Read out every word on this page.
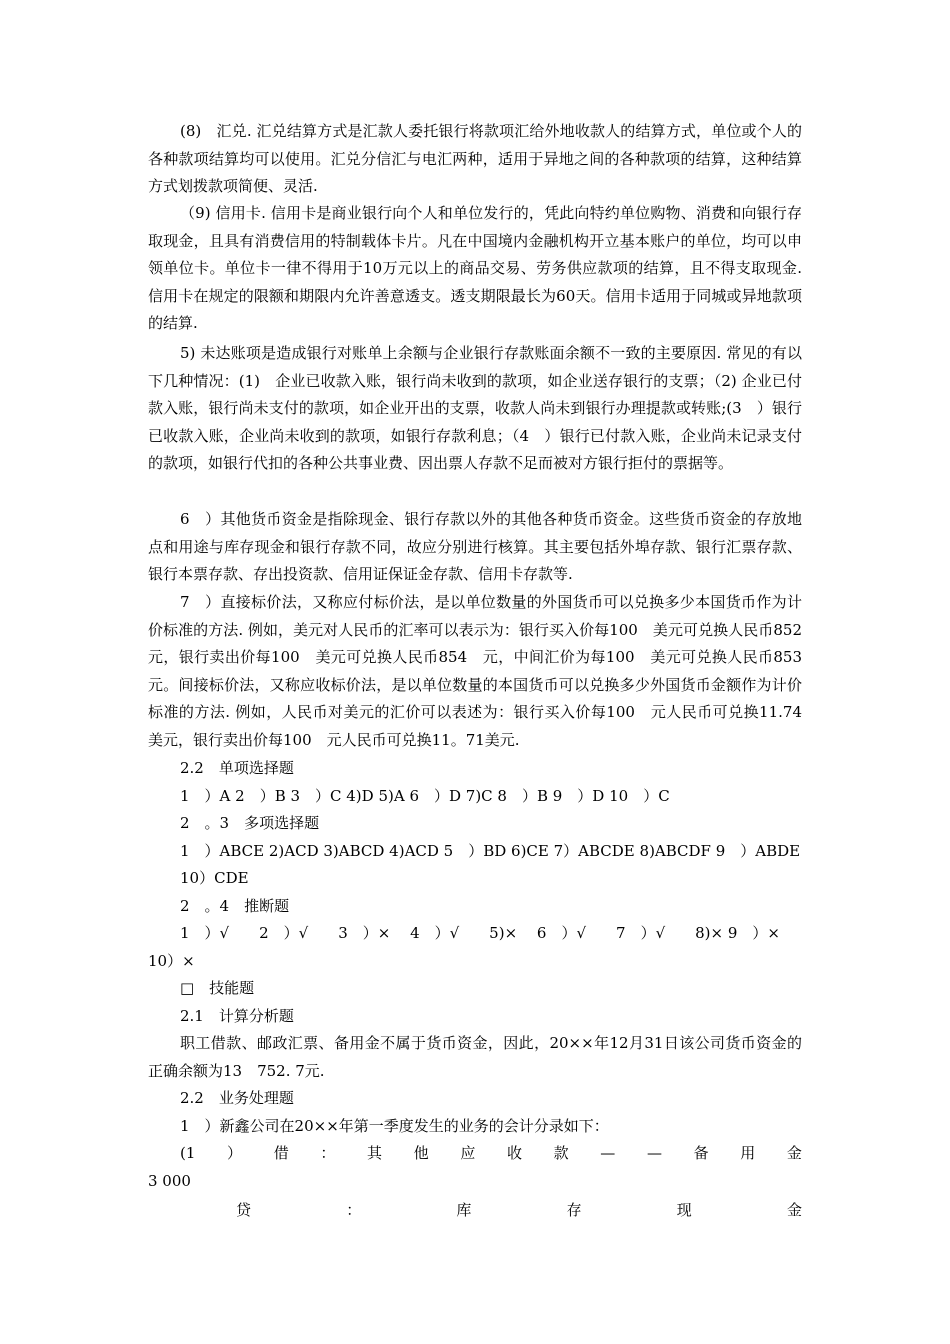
(8)　汇兑. 汇兑结算方式是汇款人委托银行将款项汇给外地收款人的结算方式，单位或个人的各种款项结算均可以使用。汇兑分信汇与电汇两种，适用于异地之间的各种款项的结算，这种结算方式划拨款项简便、灵活.

（9) 信用卡. 信用卡是商业银行向个人和单位发行的，凭此向特约单位购物、消费和向银行存取现金，且具有消费信用的特制载体卡片。凡在中国境内金融机构开立基本账户的单位，均可以申领单位卡。单位卡一律不得用于10万元以上的商品交易、劳务供应款项的结算，且不得支取现金. 信用卡在规定的限额和期限内允许善意透支。透支期限最长为60天。信用卡适用于同城或异地款项的结算.

5) 未达账项是造成银行对账单上余额与企业银行存款账面余额不一致的主要原因. 常见的有以下几种情况：(1)　企业已收款入账，银行尚未收到的款项，如企业送存银行的支票；（2) 企业已付款入账，银行尚未支付的款项，如企业开出的支票，收款人尚未到银行办理提款或转账;(3　）银行已收款入账，企业尚未收到的款项，如银行存款利息；（4　）银行已付款入账，企业尚未记录支付的款项，如银行代扣的各种公共事业费、因出票人存款不足而被对方银行拒付的票据等。

6　）其他货币资金是指除现金、银行存款以外的其他各种货币资金。这些货币资金的存放地点和用途与库存现金和银行存款不同，故应分别进行核算。其主要包括外埠存款、银行汇票存款、银行本票存款、存出投资款、信用证保证金存款、信用卡存款等.

7　）直接标价法，又称应付标价法，是以单位数量的外国货币可以兑换多少本国货币作为计价标准的方法. 例如，美元对人民币的汇率可以表示为：银行买入价每100　美元可兑换人民币852　元，银行卖出价每100　美元可兑换人民币854　元，中间汇价为每100　美元可兑换人民币853　元。间接标价法，又称应收标价法，是以单位数量的本国货币可以兑换多少外国货币金额作为计价标准的方法. 例如，人民币对美元的汇价可以表述为：银行买入价每100　元人民币可兑换11.74　美元，银行卖出价每100　元人民币可兑换11。71美元.

2.2　单项选择题

1　）A 2　）B 3　）C 4)D 5)A 6　）D 7)C 8　）B 9　）D 10　）C

2　。3　多项选择题

1　）ABCE 2)ACD 3)ABCD 4)ACD 5　）BD 6)CE 7）ABCDE 8)ABCDF 9　）ABDE

10）CDE

2　。4　推断题

1　）√　　2　）√　　3　）×　 4　）√　　5)×　 6　）√　　7　）√　　8)× 9　）×

10）×

□　技能题

2.1　计算分析题

职工借款、邮政汇票、备用金不属于货币资金，因此，20××年12月31日该公司货币资金的正确余额为13　752. 7元.

2.2　业务处理题

1　）新鑫公司在20××年第一季度发生的业务的会计分录如下：

(1 ） 借 ： 其 他 应 收 款 — — 备 用 金

3 000

贷	：	库	存	现	金
